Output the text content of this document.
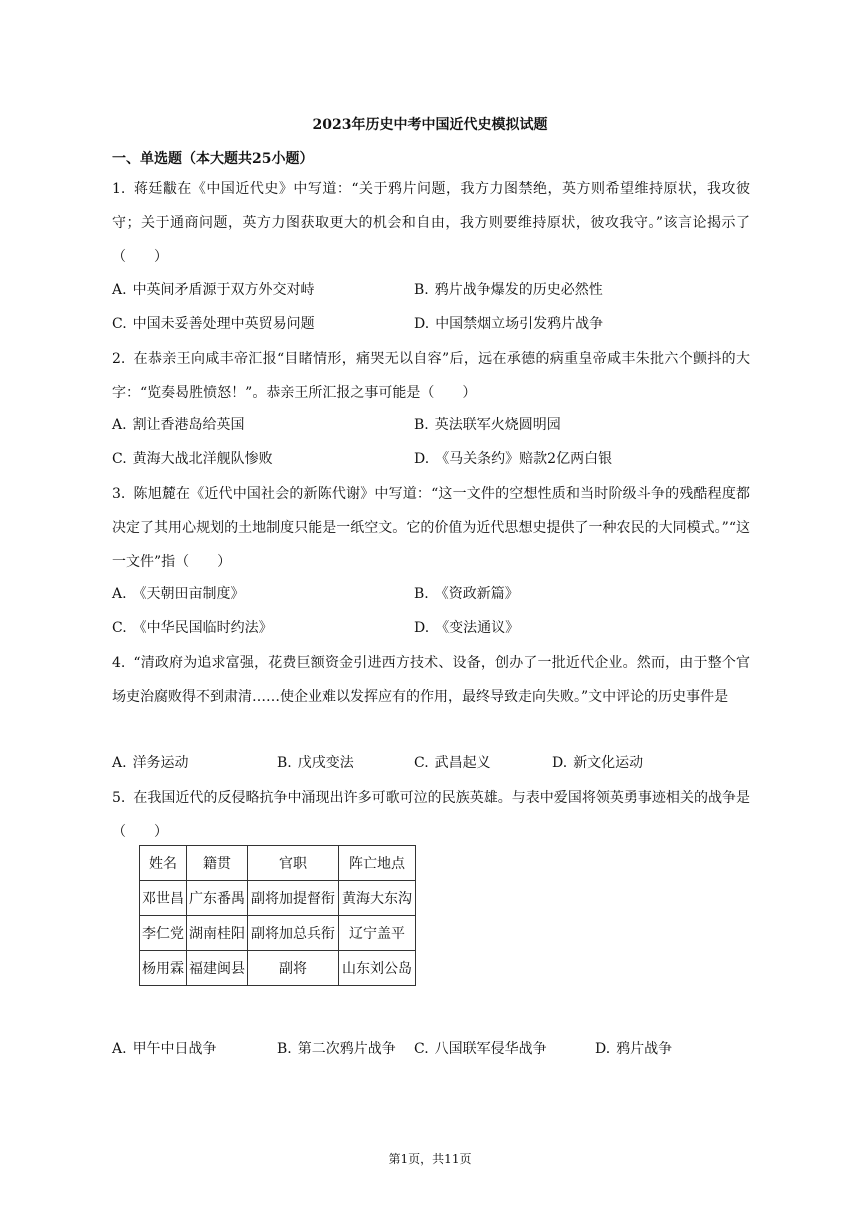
2023年历史中考中国近代史模拟试题
一、单选题（本大题共25小题）
1. 蒋廷黻在《中国近代史》中写道：“关于鸦片问题，我方力图禁绝，英方则希望维持原状，我攻彼守；关于通商问题，英方力图获取更大的机会和自由，我方则要维持原状，彼攻我守。”该言论揭示了（　　）
A. 中英间矛盾源于双方外交对峙	B. 鸦片战争爆发的历史必然性
C. 中国未妥善处理中英贸易问题	D. 中国禁烟立场引发鸦片战争
2. 在恭亲王向咸丰帝汇报“目睹情形，痛哭无以自容”后，远在承德的病重皇帝咸丰朱批六个颤抖的大字：“览奏曷胜愤怒！”。恭亲王所汇报之事可能是（　　）
A. 割让香港岛给英国	B. 英法联军火烧圆明园
C. 黄海大战北洋舰队惨败	D. 《马关条约》赔款2亿两白银
3. 陈旭麓在《近代中国社会的新陈代谢》中写道：“这一文件的空想性质和当时阶级斗争的残酷程度都决定了其用心规划的土地制度只能是一纸空文。它的价值为近代思想史提供了一种农民的大同模式。”“这一文件”指（　　）
A. 《天朝田亩制度》	B. 《资政新篇》
C. 《中华民国临时约法》	D. 《变法通议》
4. “清政府为追求富强，花费巨额资金引进西方技术、设备，创办了一批近代企业。然而，由于整个官场吏治腐败得不到肃清……使企业难以发挥应有的作用，最终导致走向失败。”文中评论的历史事件是
A. 洋务运动	B. 戊戌变法	C. 武昌起义	D. 新文化运动
5. 在我国近代的反侵略抗争中涌现出许多可歌可泣的民族英雄。与表中爱国将领英勇事迹相关的战争是（　　）
姓名	籍贯	官职	阵亡地点
邓世昌	广东番禺	副将加提督衔	黄海大东沟
李仁党	湖南桂阳	副将加总兵衔	辽宁盖平
杨用霖	福建闽县	副将	山东刘公岛
A. 甲午中日战争	B. 第二次鸦片战争 C. 八国联军侵华战争	D. 鸦片战争
第1页，共11页
